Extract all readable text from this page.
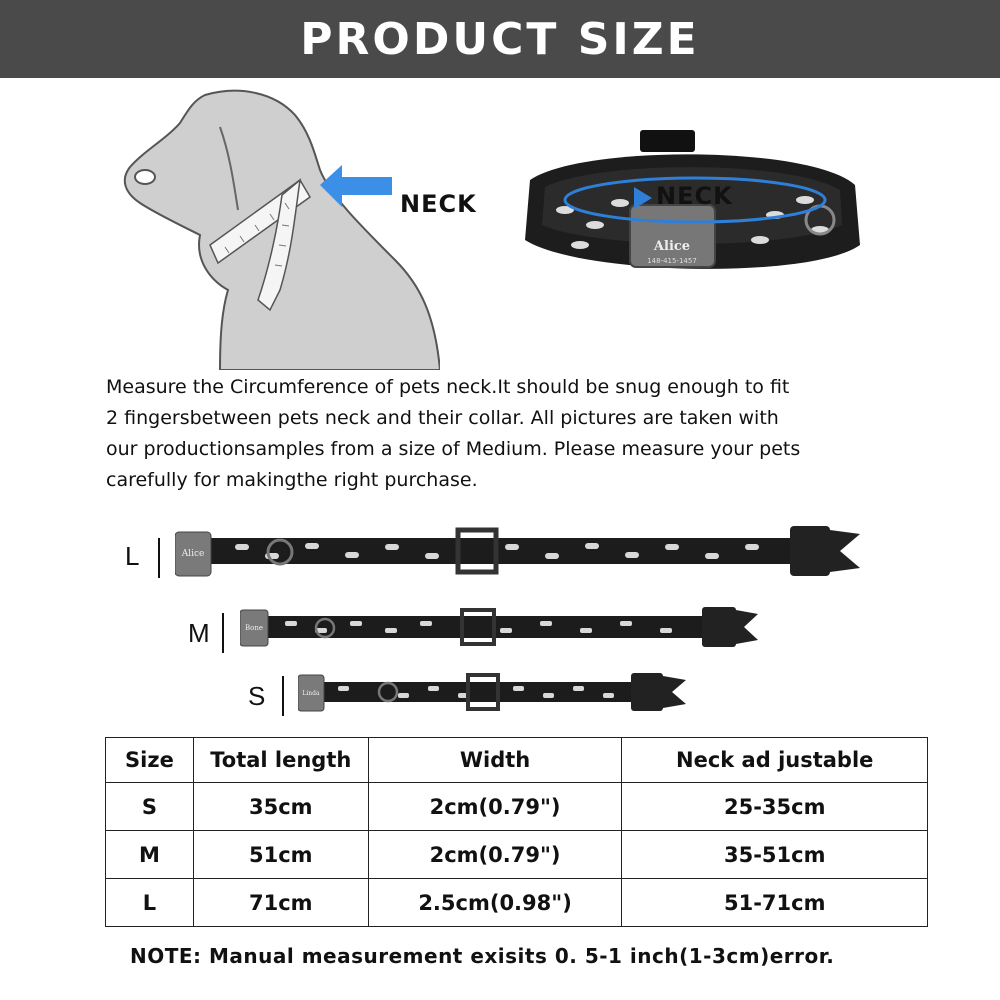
PRODUCT SIZE
NECK
Alice
148-415-1457
NECK

Measure the Circumference of pets neck.It should be snug enough to fit

2 fingersbetween pets neck and their collar. All pictures are taken with

our productionsamples from a size of Medium. Please measure your pets

carefully for makingthe right purchase.

L	Alice
M	Bone
S	Linda
Size	Total length	Width	Neck ad justable
S	35cm	2cm(0.79")	25-35cm
M	51cm	2cm(0.79")	35-51cm
L	71cm	2.5cm(0.98")	51-71cm
NOTE: Manual measurement exisits 0. 5-1 inch(1-3cm)error.
